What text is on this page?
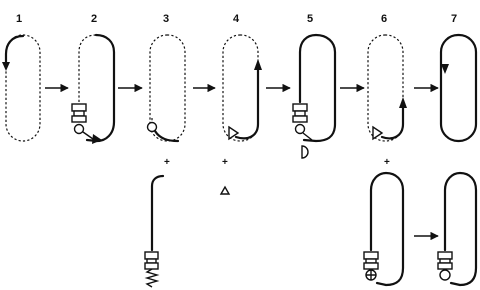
1	2	3	4	5	6	7
+	+	+
